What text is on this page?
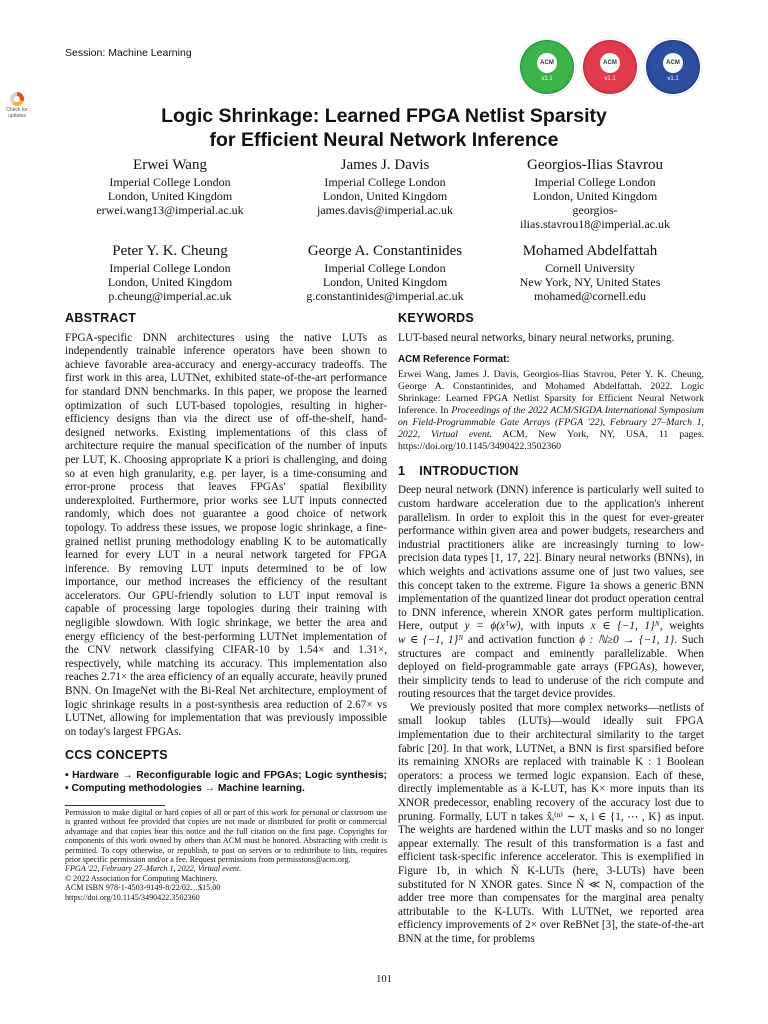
Session: Machine Learning
Check for
updates
ACM
v1.1
ACM
v1.1
ACM
v1.1
Logic Shrinkage: Learned FPGA Netlist Sparsity
for Efficient Neural Network Inference
Erwei Wang
Imperial College London
London, United Kingdom
erwei.wang13@imperial.ac.uk
James J. Davis
Imperial College London
London, United Kingdom
james.davis@imperial.ac.uk
Georgios-Ilias Stavrou
Imperial College London
London, United Kingdom
georgios-
ilias.stavrou18@imperial.ac.uk
Peter Y. K. Cheung
Imperial College London
London, United Kingdom
p.cheung@imperial.ac.uk
George A. Constantinides
Imperial College London
London, United Kingdom
g.constantinides@imperial.ac.uk
Mohamed Abdelfattah
Cornell University
New York, NY, United States
mohamed@cornell.edu
ABSTRACT

FPGA-specific DNN architectures using the native LUTs as independently trainable inference operators have been shown to achieve favorable area-accuracy and energy-accuracy tradeoffs. The first work in this area, LUTNet, exhibited state-of-the-art performance for standard DNN benchmarks. In this paper, we propose the learned optimization of such LUT-based topologies, resulting in higher-efficiency designs than via the direct use of off-the-shelf, hand-designed networks. Existing implementations of this class of architecture require the manual specification of the number of inputs per LUT, K. Choosing appropriate K a priori is challenging, and doing so at even high granularity, e.g. per layer, is a time-consuming and error-prone process that leaves FPGAs' spatial flexibility underexploited. Furthermore, prior works see LUT inputs connected randomly, which does not guarantee a good choice of network topology. To address these issues, we propose logic shrinkage, a fine-grained netlist pruning methodology enabling K to be automatically learned for every LUT in a neural network targeted for FPGA inference. By removing LUT inputs determined to be of low importance, our method increases the efficiency of the resultant accelerators. Our GPU-friendly solution to LUT input removal is capable of processing large topologies during their training with negligible slowdown. With logic shrinkage, we better the area and energy efficiency of the best-performing LUTNet implementation of the CNV network classifying CIFAR-10 by 1.54× and 1.31×, respectively, while matching its accuracy. This implementation also reaches 2.71× the area efficiency of an equally accurate, heavily pruned BNN. On ImageNet with the Bi-Real Net architecture, employment of logic shrinkage results in a post-synthesis area reduction of 2.67× vs LUTNet, allowing for implementation that was previously impossible on today's largest FPGAs.

CCS CONCEPTS

• Hardware → Reconfigurable logic and FPGAs; Logic synthesis; • Computing methodologies → Machine learning.

KEYWORDS

LUT-based neural networks, binary neural networks, pruning.

ACM Reference Format:

Erwei Wang, James J. Davis, Georgios-Ilias Stavrou, Peter Y. K. Cheung, George A. Constantinides, and Mohamed Abdelfattah. 2022. Logic Shrinkage: Learned FPGA Netlist Sparsity for Efficient Neural Network Inference. In Proceedings of the 2022 ACM/SIGDA International Symposium on Field-Programmable Gate Arrays (FPGA '22), February 27–March 1, 2022, Virtual event. ACM, New York, NY, USA, 11 pages. https://doi.org/10.1145/3490422.3502360

1 INTRODUCTION

Deep neural network (DNN) inference is particularly well suited to custom hardware acceleration due to the application's inherent parallelism. In order to exploit this in the quest for ever-greater performance within given area and power budgets, researchers and industrial practitioners alike are increasingly turning to low-precision data types [1, 17, 22]. Binary neural networks (BNNs), in which weights and activations assume one of just two values, see this concept taken to the extreme. Figure 1a shows a generic BNN implementation of the quantized linear dot product operation central to DNN inference, wherein XNOR gates perform multiplication. Here, output y = ϕ(xᵀw), with inputs x ∈ {−1, 1}ᴺ, weights w ∈ {−1, 1}ᴺ and activation function ϕ : ℕ≥0 → {−1, 1}. Such structures are compact and eminently parallelizable. When deployed on field-programmable gate arrays (FPGAs), however, their simplicity tends to lead to underuse of the rich compute and routing resources that the target device provides.

We previously posited that more complex networks—netlists of small lookup tables (LUTs)—would ideally suit FPGA implementation due to their architectural similarity to the target fabric [20]. In that work, LUTNet, a BNN is first sparsified before its remaining XNORs are replaced with trainable K : 1 Boolean operators: a process we termed logic expansion. Each of these, directly implementable as a K-LUT, has K× more inputs than its XNOR predecessor, enabling recovery of the accuracy lost due to pruning. Formally, LUT n takes x̂ᵢ⁽ⁿ⁾ ∼ x, i ∈ {1, ⋯ , K} as input. The weights are hardened within the LUT masks and so no longer appear externally. The result of this transformation is a fast and efficient task-specific inference accelerator. This is exemplified in Figure 1b, in which Ñ K-LUTs (here, 3-LUTs) have been substituted for N XNOR gates. Since Ñ ≪ N, compaction of the adder tree more than compensates for the marginal area penalty attributable to the K-LUTs. With LUTNet, we reported area efficiency improvements of 2× over ReBNet [3], the state-of-the-art BNN at the time, for problems

Permission to make digital or hard copies of all or part of this work for personal or classroom use is granted without fee provided that copies are not made or distributed for profit or commercial advantage and that copies bear this notice and the full citation on the first page. Copyrights for components of this work owned by others than ACM must be honored. Abstracting with credit is permitted. To copy otherwise, or republish, to post on servers or to redistribute to lists, requires prior specific permission and/or a fee. Request permissions from permissions@acm.org.

FPGA '22, February 27–March 1, 2022, Virtual event.

© 2022 Association for Computing Machinery.

ACM ISBN 978-1-4503-9149-8/22/02…$15.00

https://doi.org/10.1145/3490422.3502360

101
